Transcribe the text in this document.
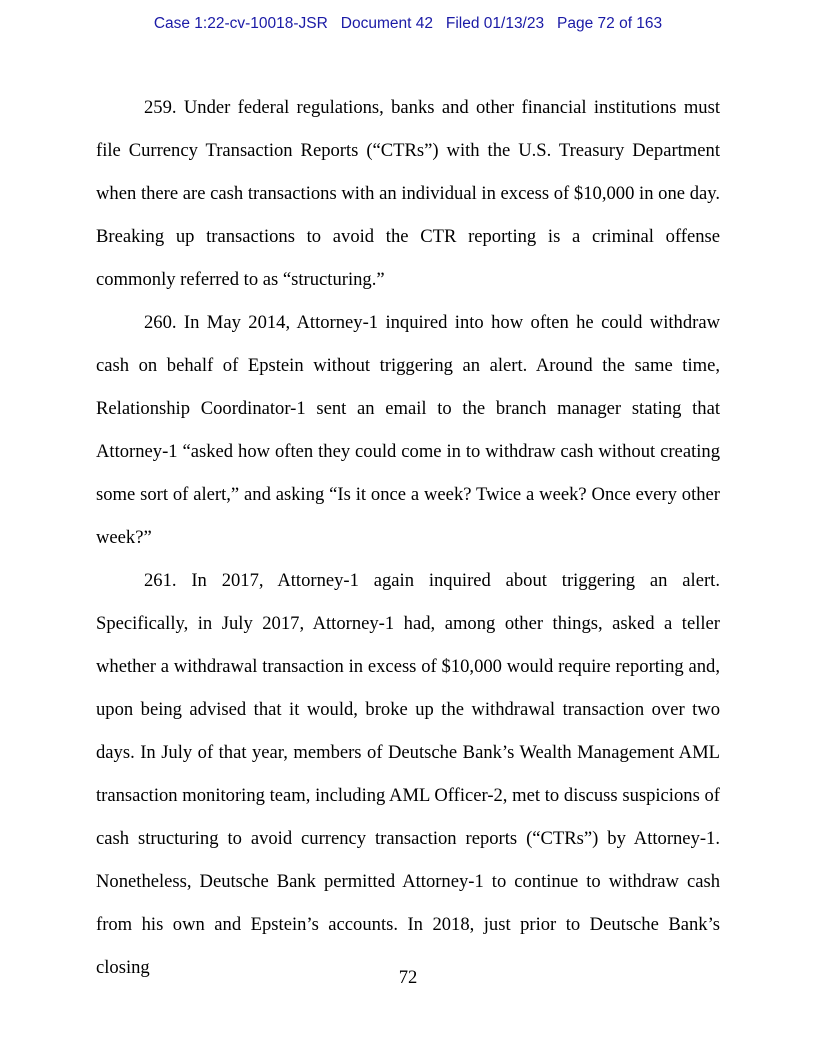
Case 1:22-cv-10018-JSR   Document 42   Filed 01/13/23   Page 72 of 163

259. Under federal regulations, banks and other financial institutions must file Currency Transaction Reports (“CTRs”) with the U.S. Treasury Department when there are cash transactions with an individual in excess of $10,000 in one day. Breaking up transactions to avoid the CTR reporting is a criminal offense commonly referred to as “structuring.”

260. In May 2014, Attorney-1 inquired into how often he could withdraw cash on behalf of Epstein without triggering an alert. Around the same time, Relationship Coordinator-1 sent an email to the branch manager stating that Attorney-1 “asked how often they could come in to withdraw cash without creating some sort of alert,” and asking “Is it once a week? Twice a week? Once every other week?”

261. In 2017, Attorney-1 again inquired about triggering an alert. Specifically, in July 2017, Attorney-1 had, among other things, asked a teller whether a withdrawal transaction in excess of $10,000 would require reporting and, upon being advised that it would, broke up the withdrawal transaction over two days. In July of that year, members of Deutsche Bank’s Wealth Management AML transaction monitoring team, including AML Officer-2, met to discuss suspicions of cash structuring to avoid currency transaction reports (“CTRs”) by Attorney-1. Nonetheless, Deutsche Bank permitted Attorney-1 to continue to withdraw cash from his own and Epstein’s accounts. In 2018, just prior to Deutsche Bank’s closing	72
